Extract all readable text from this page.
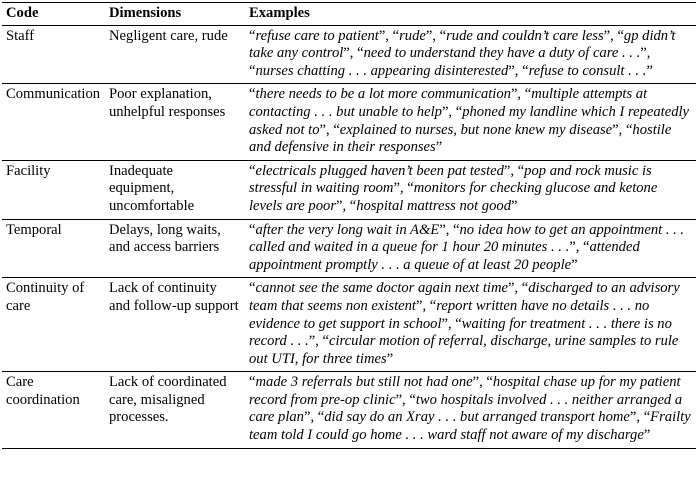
Code	Dimensions	Examples
Staff	Negligent care, rude	“refuse care to patient”, “rude”, “rude and couldn’t care less”, “gp didn’t take any control”, “need to understand they have a duty of care . . .”, “nurses chatting . . . appearing disinterested”, “refuse to consult . . .”
Communication	Poor explanation, unhelpful responses	“there needs to be a lot more communication”, “multiple attempts at contacting . . . but unable to help”, “phoned my landline which I repeatedly asked not to”, “explained to nurses, but none knew my disease”, “hostile and defensive in their responses”
Facility	Inadequate equipment, uncomfortable	“electricals plugged haven’t been pat tested”, “pop and rock music is stressful in waiting room”, “monitors for checking glucose and ketone levels are poor”, “hospital mattress not good”
Temporal	Delays, long waits, and access barriers	“after the very long wait in A&E”, “no idea how to get an appointment . . . called and waited in a queue for 1 hour 20 minutes . . .”, “attended appointment promptly . . . a queue of at least 20 people”
Continuity of care	Lack of continuity and follow-up support	“cannot see the same doctor again next time”, “discharged to an advisory team that seems non existent”, “report written have no details . . . no evidence to get support in school”, “waiting for treatment . . . there is no record . . .”, “circular motion of referral, discharge, urine samples to rule out UTI, for three times”
Care coordination	Lack of coordinated care, misaligned processes.	“made 3 referrals but still not had one”, “hospital chase up for my patient record from pre-op clinic”, “two hospitals involved . . . neither arranged a care plan”, “did say do an Xray . . . but arranged transport home”, “Frailty team told I could go home . . . ward staff not aware of my discharge”
